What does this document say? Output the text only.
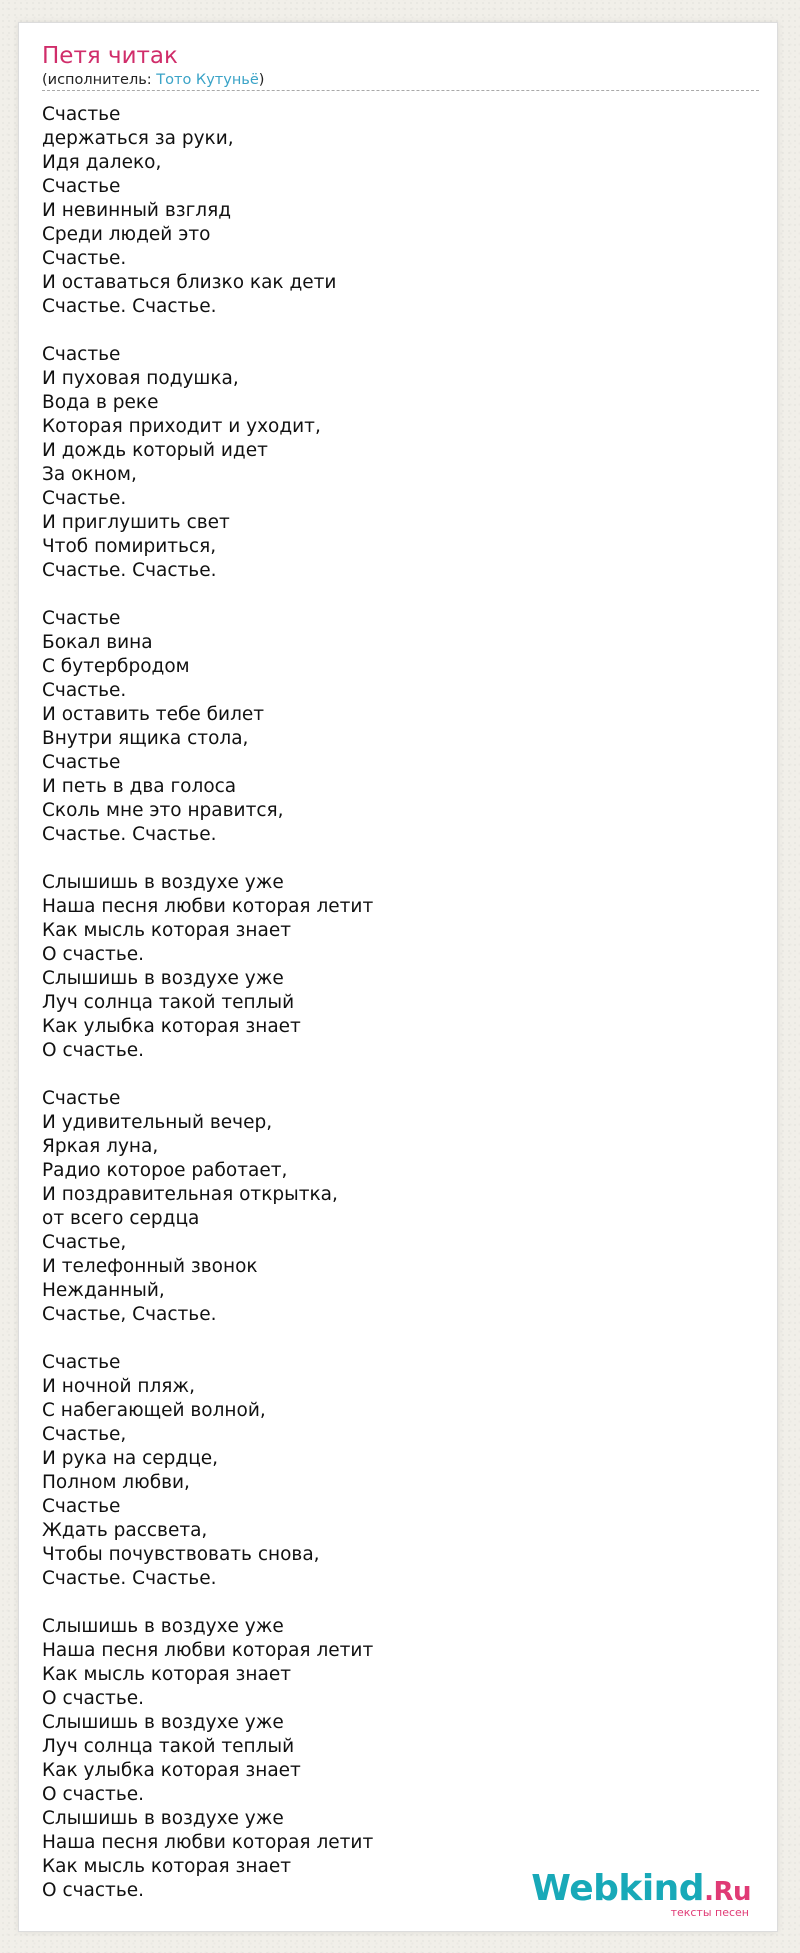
Петя читак

(исполнитель: Тото Кутуньё)

Счастье
держаться за руки,
Идя далеко,
Счастье
И невинный взгляд
Среди людей это
Счастье.
И оставаться близко как дети
Счастье. Счастье.
Счастье
И пуховая подушка,
Вода в реке
Которая приходит и уходит,
И дождь который идет
За окном,
Счастье.
И приглушить свет
Чтоб помириться,
Счастье. Счастье.
Счастье
Бокал вина
С бутербродом
Счастье.
И оставить тебе билет
Внутри ящика стола,
Счастье
И петь в два голоса
Сколь мне это нравится,
Счастье. Счастье.
Слышишь в воздухе уже
Наша песня любви которая летит
Как мысль которая знает
О счастье.
Слышишь в воздухе уже
Луч солнца такой теплый
Как улыбка которая знает
О счастье.
Счастье
И удивительный вечер,
Яркая луна,
Радио которое работает,
И поздравительная открытка,
от всего сердца
Счастье,
И телефонный звонок
Нежданный,
Счастье, Счастье.
Счастье
И ночной пляж,
С набегающей волной,
Счастье,
И рука на сердце,
Полном любви,
Счастье
Ждать рассвета,
Чтобы почувствовать снова,
Счастье. Счастье.
Слышишь в воздухе уже
Наша песня любви которая летит
Как мысль которая знает
О счастье.
Слышишь в воздухе уже
Луч солнца такой теплый
Как улыбка которая знает
О счастье.
Слышишь в воздухе уже
Наша песня любви которая летит
Как мысль которая знает
О счастье.	Webkind.Ru
тексты песен
